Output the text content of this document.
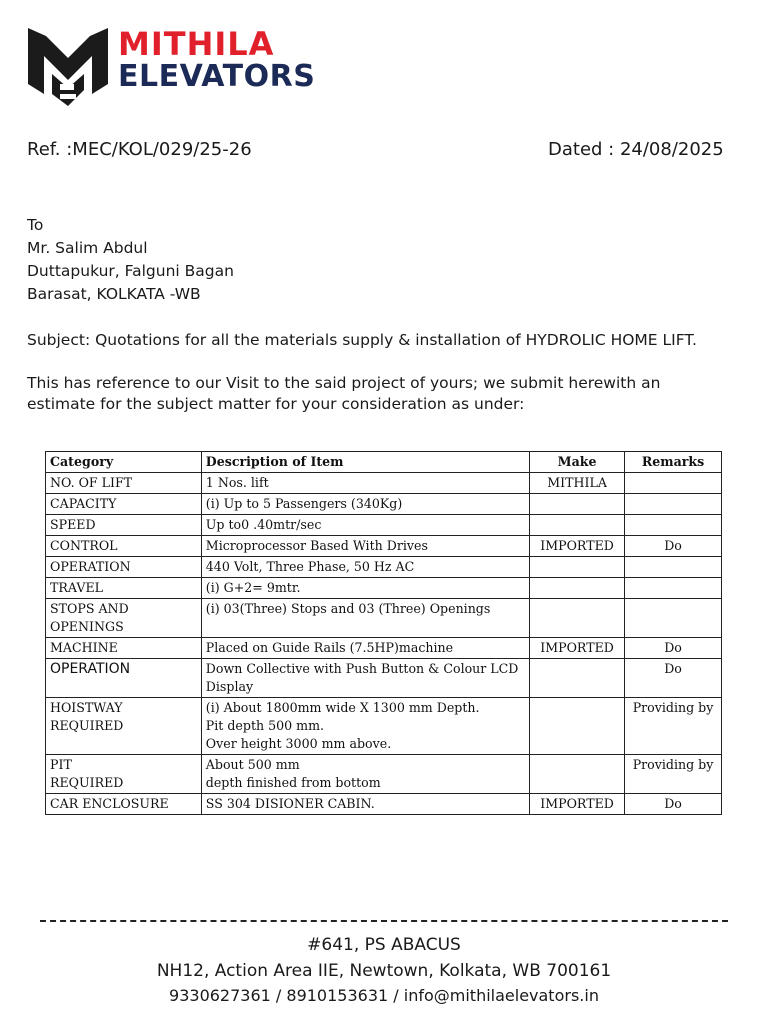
MITHILA
ELEVATORS
Ref. :MEC/KOL/029/25-26	Dated : 24/08/2025
To
Mr. Salim Abdul
Duttapukur, Falguni Bagan
Barasat, KOLKATA -WB
Subject: Quotations for all the materials supply & installation of HYDROLIC HOME LIFT.
This has reference to our Visit to the said project of yours; we submit herewith an estimate for the subject matter for your consideration as under:
Category	Description of Item	Make	Remarks
NO. OF LIFT	1 Nos. lift	MITHILA	
CAPACITY	(i) Up to 5 Passengers (340Kg)		
SPEED	Up to0 .40mtr/sec		
CONTROL	Microprocessor Based With Drives	IMPORTED	Do
OPERATION	440 Volt, Three Phase, 50 Hz AC		
TRAVEL	(i) G+2= 9mtr.		
STOPS AND
OPENINGS	(i) 03(Three) Stops and 03 (Three) Openings		
MACHINE	Placed on Guide Rails (7.5HP)machine	IMPORTED	Do
OPERATION	Down Collective with Push Button & Colour LCD Display		Do
HOISTWAY
REQUIRED	(i) About 1800mm wide X 1300 mm Depth.
Pit depth 500 mm.
Over height 3000 mm above.		Providing by
PIT
REQUIRED	About 500 mm
depth finished from bottom		Providing by
CAR ENCLOSURE	SS 304 DISIONER CABIN.	IMPORTED	Do
#641, PS ABACUS
NH12, Action Area IIE, Newtown, Kolkata, WB 700161
9330627361 / 8910153631 / info@mithilaelevators.in
